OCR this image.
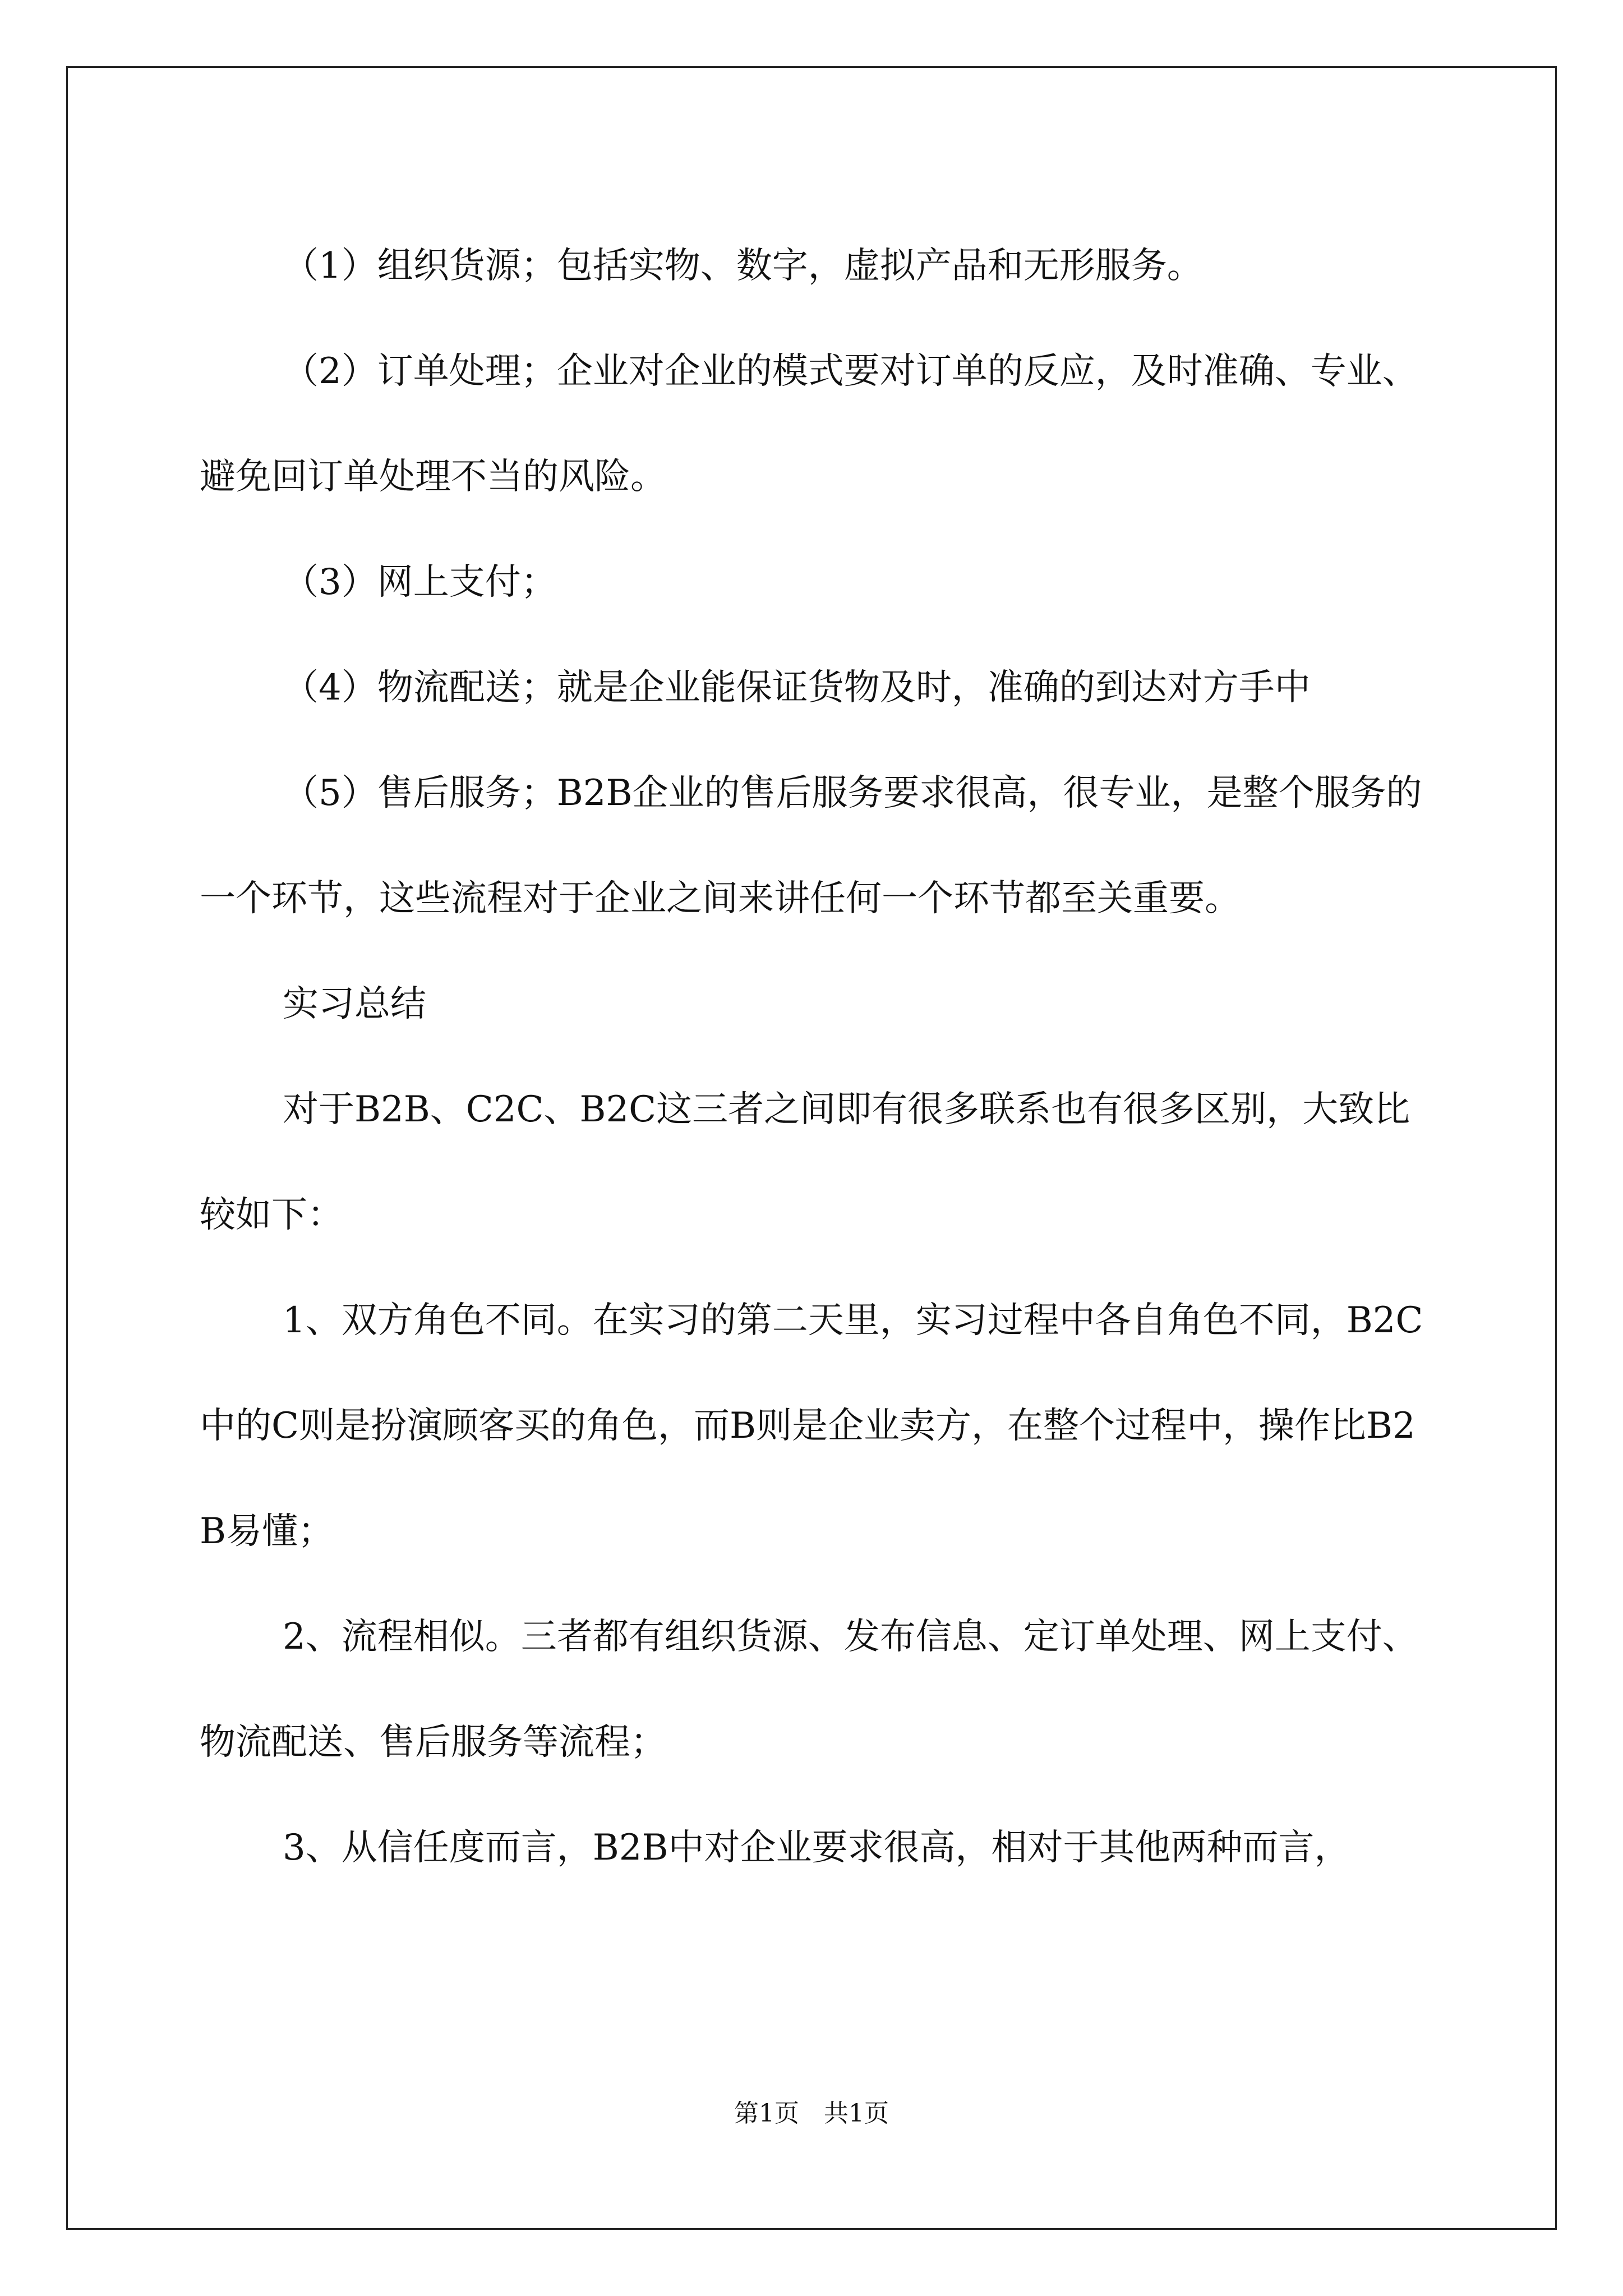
（1）组织货源；包括实物、数字，虚拟产品和无形服务。

（2）订单处理；企业对企业的模式要对订单的反应，及时准确、专业、避免回订单处理不当的风险。

（3）网上支付；

（4）物流配送；就是企业能保证货物及时，准确的到达对方手中

（5）售后服务；B2B企业的售后服务要求很高，很专业，是整个服务的一个环节，这些流程对于企业之间来讲任何一个环节都至关重要。

实习总结

对于B2B、C2C、B2C这三者之间即有很多联系也有很多区别，大致比较如下：

1、双方角色不同。在实习的第二天里，实习过程中各自角色不同，B2C中的C则是扮演顾客买的角色，而B则是企业卖方，在整个过程中，操作比B2B易懂；

2、流程相似。三者都有组织货源、发布信息、定订单处理、网上支付、物流配送、售后服务等流程；

3、从信任度而言，B2B中对企业要求很高，相对于其他两种而言，

第1页　共1页
